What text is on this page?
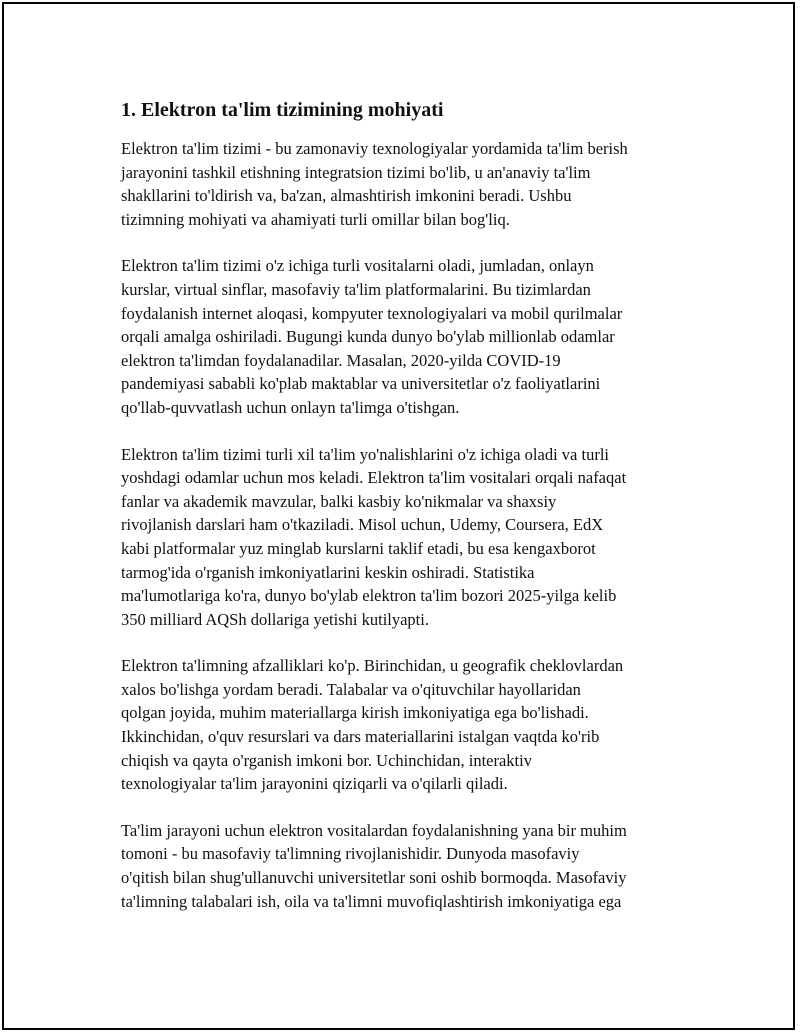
1. Elektron ta'lim tizimining mohiyati

Elektron ta'lim tizimi - bu zamonaviy texnologiyalar yordamida ta'lim berish
jarayonini tashkil etishning integratsion tizimi bo'lib, u an'anaviy ta'lim
shakllarini to'ldirish va, ba'zan, almashtirish imkonini beradi. Ushbu
tizimning mohiyati va ahamiyati turli omillar bilan bog'liq.

Elektron ta'lim tizimi o'z ichiga turli vositalarni oladi, jumladan, onlayn
kurslar, virtual sinflar, masofaviy ta'lim platformalarini. Bu tizimlardan
foydalanish internet aloqasi, kompyuter texnologiyalari va mobil qurilmalar
orqali amalga oshiriladi. Bugungi kunda dunyo bo'ylab millionlab odamlar
elektron ta'limdan foydalanadilar. Masalan, 2020-yilda COVID-19
pandemiyasi sababli ko'plab maktablar va universitetlar o'z faoliyatlarini
qo'llab-quvvatlash uchun onlayn ta'limga o'tishgan.

Elektron ta'lim tizimi turli xil ta'lim yo'nalishlarini o'z ichiga oladi va turli
yoshdagi odamlar uchun mos keladi. Elektron ta'lim vositalari orqali nafaqat
fanlar va akademik mavzular, balki kasbiy ko'nikmalar va shaxsiy
rivojlanish darslari ham o'tkaziladi. Misol uchun, Udemy, Coursera, EdX
kabi platformalar yuz minglab kurslarni taklif etadi, bu esa kengaxborot
tarmog'ida o'rganish imkoniyatlarini keskin oshiradi. Statistika
ma'lumotlariga ko'ra, dunyo bo'ylab elektron ta'lim bozori 2025-yilga kelib
350 milliard AQSh dollariga yetishi kutilyapti.

Elektron ta'limning afzalliklari ko'p. Birinchidan, u geografik cheklovlardan
xalos bo'lishga yordam beradi. Talabalar va o'qituvchilar hayollaridan
qolgan joyida, muhim materiallarga kirish imkoniyatiga ega bo'lishadi.
Ikkinchidan, o'quv resurslari va dars materiallarini istalgan vaqtda ko'rib
chiqish va qayta o'rganish imkoni bor. Uchinchidan, interaktiv
texnologiyalar ta'lim jarayonini qiziqarli va o'qilarli qiladi.

Ta'lim jarayoni uchun elektron vositalardan foydalanishning yana bir muhim
tomoni - bu masofaviy ta'limning rivojlanishidir. Dunyoda masofaviy
o'qitish bilan shug'ullanuvchi universitetlar soni oshib bormoqda. Masofaviy
ta'limning talabalari ish, oila va ta'limni muvofiqlashtirish imkoniyatiga ega
